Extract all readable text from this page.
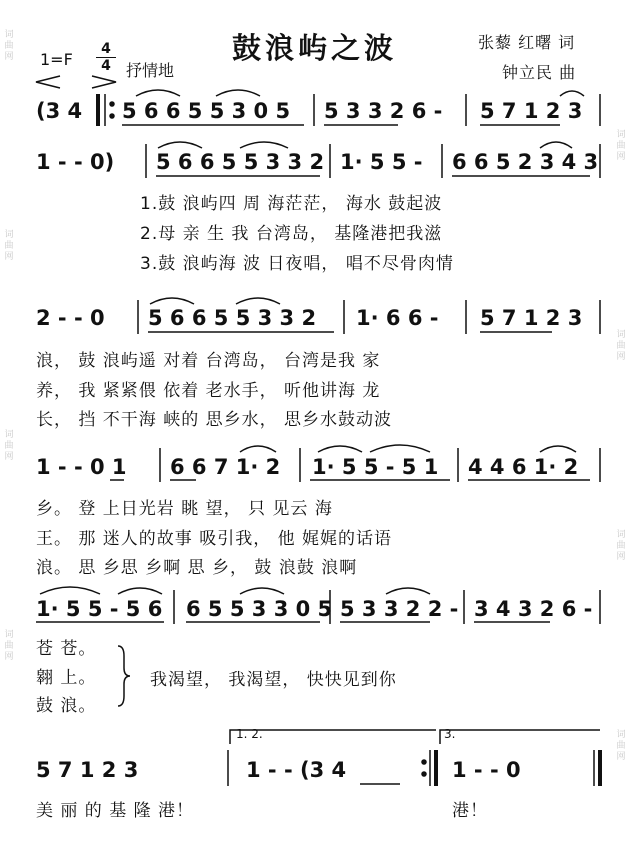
词曲网
词曲网
词曲网
词曲网
词曲网
词曲网
词曲网
词曲网
鼓浪屿之波
1=F
4
4 抒情地
张藜 红曙 词
钟立民 曲
(3 4 5 6 6 5 5 3 0 5 5 3 3 2 6 - 5 7 1 2 3
1 - - 0) 5 6 6 5 5 3 3 2 1· 5 5 - 6 6 5 2 3 4 3
1.鼓 浪屿四 周 海茫茫， 海水 鼓起波
2.母 亲 生 我 台湾岛， 基隆港把我滋
3.鼓 浪屿海 波 日夜唱， 唱不尽骨肉情
2 - - 0 5 6 6 5 5 3 3 2 1· 6 6 - 5 7 1 2 3
浪， 鼓 浪屿遥 对着 台湾岛， 台湾是我 家
养， 我 紧紧偎 依着 老水手， 听他讲海 龙
长， 挡 不干海 峡的 思乡水， 思乡水鼓动波
1 - - 0 1 6 6 7 1· 2 1· 5 5 - 5 1 4 4 6 1· 2
乡。 登 上日光岩 眺 望， 只 见云 海
王。 那 迷人的故事 吸引我， 他 娓娓的话语
浪。 思 乡思 乡啊 思 乡， 鼓 浪鼓 浪啊
1· 5 5 - 5 6 6 5 5 3 3 0 5 5 3 3 2 2 - 3 4 3 2 6 -
苍 苍。
翱 上。
鼓 浪。
我渴望， 我渴望， 快快见到你
5 7 1 2 3
1. 2.
1 - - (3 4
3.
1 - - 0
美 丽 的 基 隆 港！	港！
